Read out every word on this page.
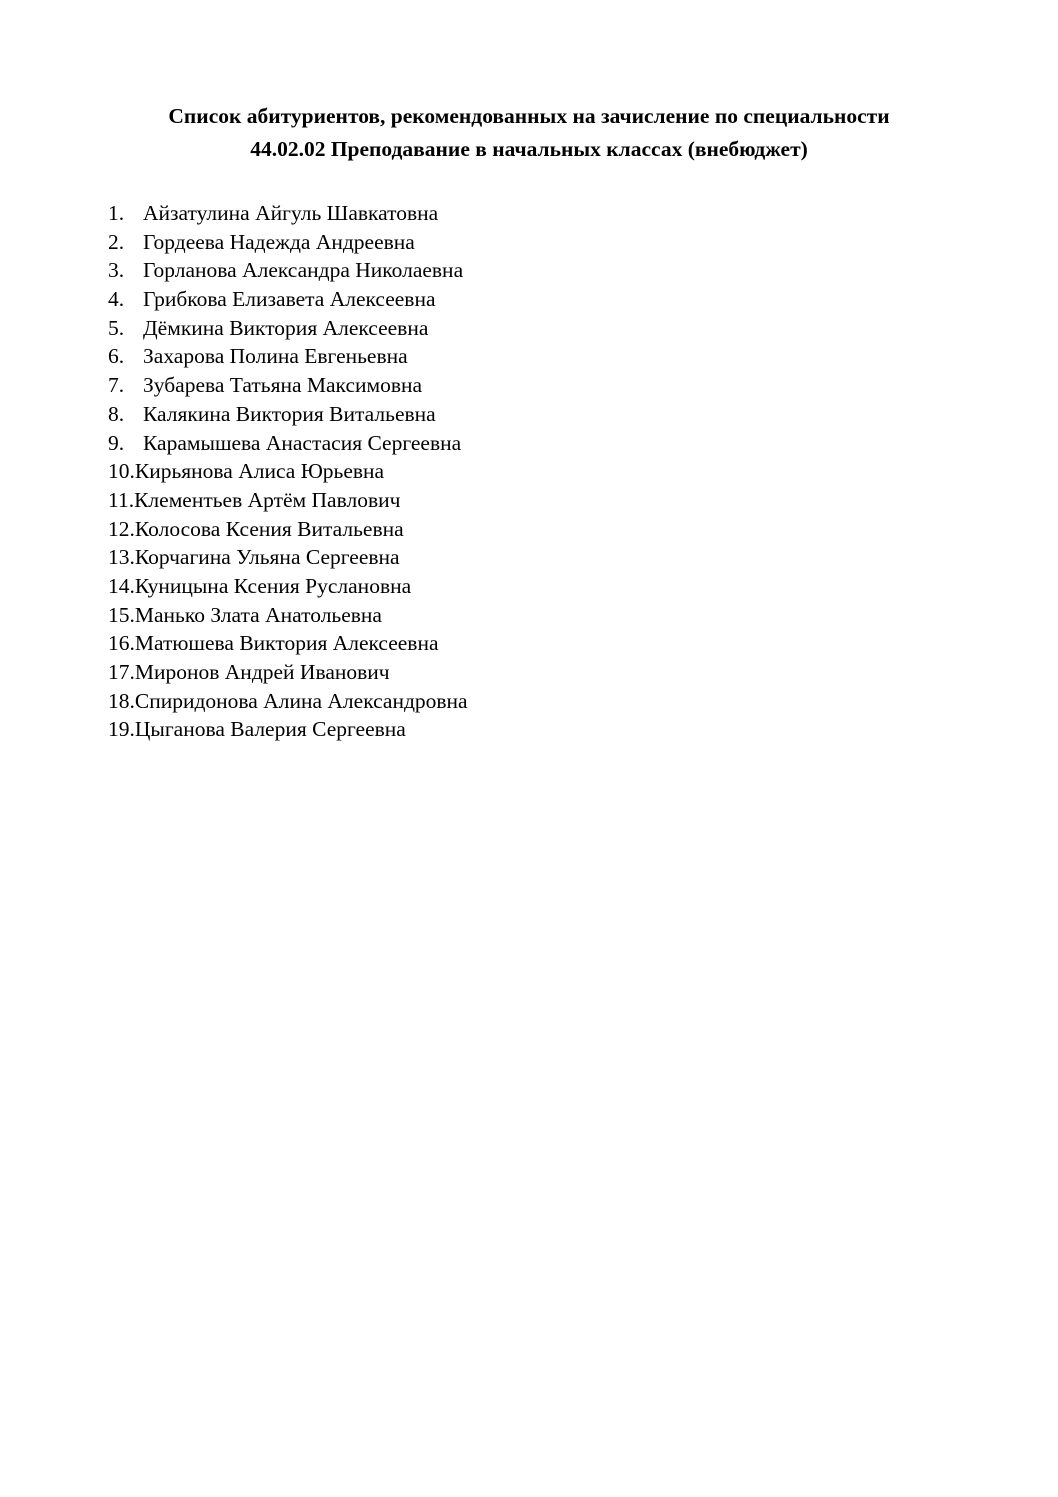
Список абитуриентов, рекомендованных на зачисление по специальности
44.02.02 Преподавание в начальных классах (внебюджет)
1. Айзатулина Айгуль Шавкатовна
2. Гордеева Надежда Андреевна
3. Горланова Александра Николаевна
4. Грибкова Елизавета Алексеевна
5. Дёмкина Виктория Алексеевна
6. Захарова Полина Евгеньевна
7. Зубарева Татьяна Максимовна
8. Калякина Виктория Витальевна
9. Карамышева Анастасия Сергеевна
10.Кирьянова Алиса Юрьевна
11.Клементьев Артём Павлович
12.Колосова Ксения Витальевна
13.Корчагина Ульяна Сергеевна
14.Куницына Ксения Руслановна
15.Манько Злата Анатольевна
16.Матюшева Виктория Алексеевна
17.Миронов Андрей Иванович
18.Спиридонова Алина Александровна
19.Цыганова Валерия Сергеевна
